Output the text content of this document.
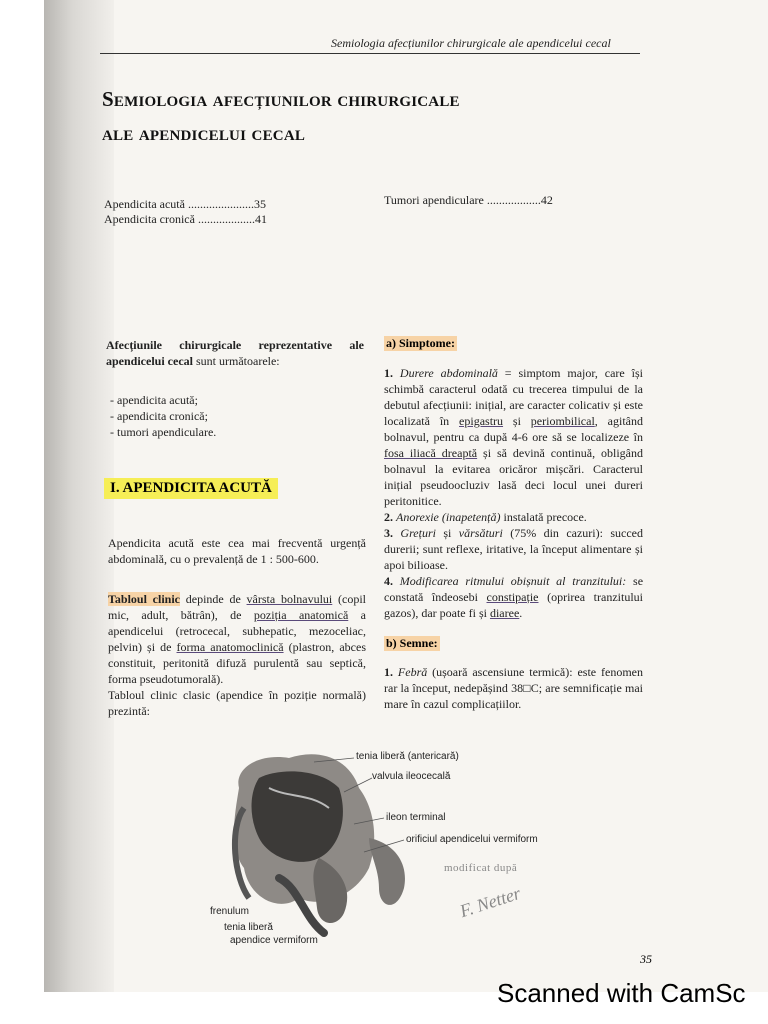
Semiologia afecțiunilor chirurgicale ale apendicelui cecal
Semiologia afecțiunilor chirurgicale
ale apendicelui cecal
Apendicita acută ......................35
Apendicita cronică ...................41
Tumori apendiculare ..................42
Afecțiunile chirurgicale reprezentative ale apendicelui cecal sunt următoarele:
- apendicita acută;
- apendicita cronică;
- tumori apendiculare.
I. APENDICITA ACUTĂ
Apendicita acută este cea mai frecventă urgență abdominală, cu o prevalență de 1 : 500-600.
Tabloul clinic depinde de vârsta bolnavului (copil mic, adult, bătrân), de poziția anatomică a apendicelui (retrocecal, subhepatic, mezoceliac, pelvin) și de forma anatomoclinică (plastron, abces constituit, peritonită difuză purulentă sau septică, forma pseudotumorală).
Tabloul clinic clasic (apendice în poziție normală) prezintă:
a) Simptome:
1. Durere abdominală = simptom major, care își schimbă caracterul odată cu trecerea timpului de la debutul afecțiunii: inițial, are caracter colicativ și este localizată în epigastru și periombilical, agitând bolnavul, pentru ca după 4-6 ore să se localizeze în fosa iliacă dreaptă și să devină continuă, obligând bolnavul la evitarea oricăror mișcări. Caracterul inițial pseudoocluziv lasă deci locul unei dureri peritonitice.
2. Anorexie (inapetență) instalată precoce.
3. Grețuri și vărsături (75% din cazuri): succed durerii; sunt reflexe, iritative, la început alimentare și apoi bilioase.
4. Modificarea ritmului obișnuit al tranzitului: se constată îndeosebi constipație (oprirea tranzitului gazos), dar poate fi și diaree.
b) Semne:
1. Febră (ușoară ascensiune termică): este fenomen rar la început, nedepășind 38□C; are semnificație mai mare în cazul complicațiilor.
tenia liberă (antericară)
valvula ileocecală
ileon terminal
orificiul apendicelui vermiform
frenulum
tenia liberă
apendice vermiform
modificat după
F. Netter
35
Scanned with CamSc
